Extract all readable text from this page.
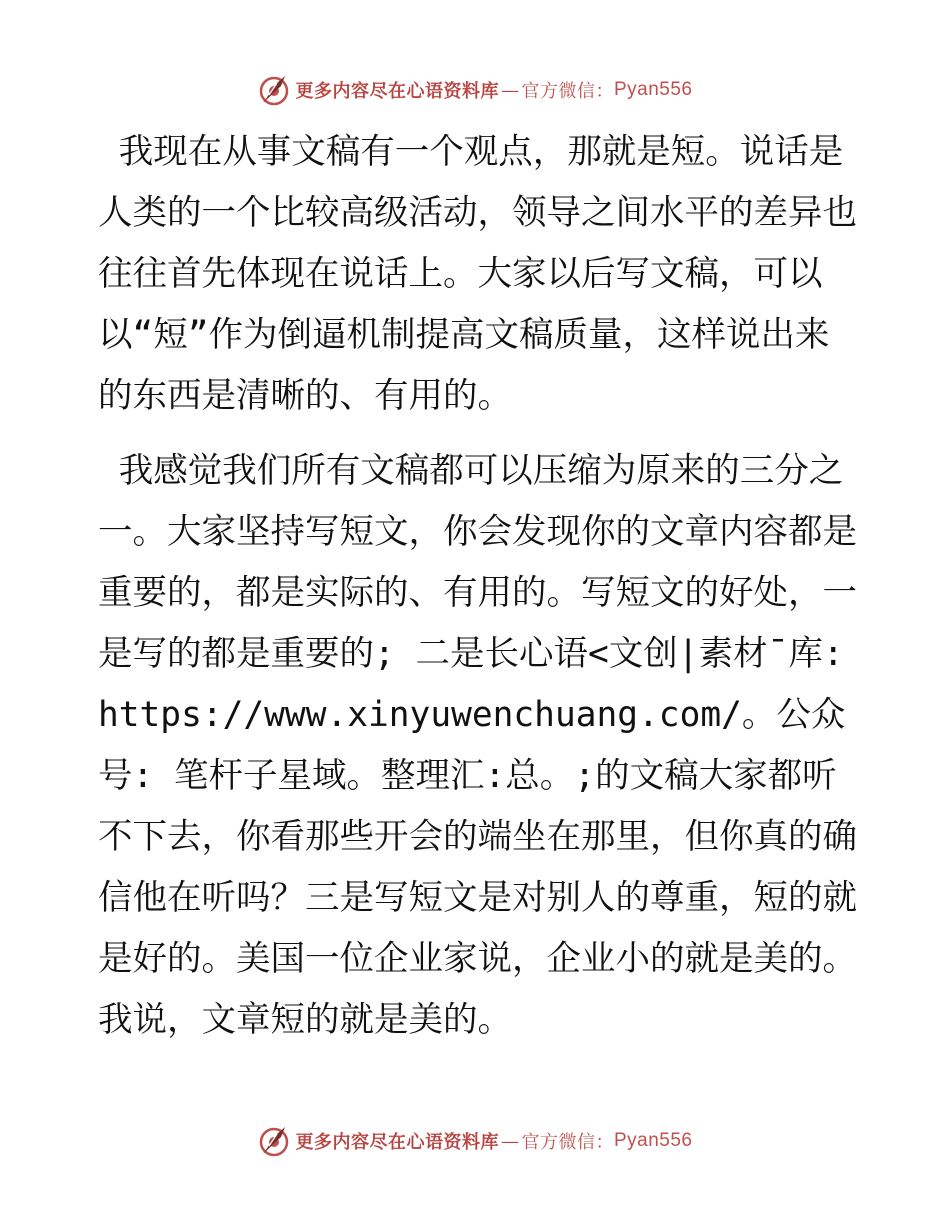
更多内容尽在心语资料库 — 官方微信 ： Pyan556

我现在从事文稿有一个观点，那就是短。说话是人类的一个比较高级活动，领导之间水平的差异也往往首先体现在说话上。大家以后写文稿，可以
以“短”作为倒逼机制提高文稿质量，这样说出来的东西是清晰的、有用的。

我感觉我们所有文稿都可以压缩为原来的三分之一。大家坚持写短文，你会发现你的文章内容都是重要的，都是实际的、有用的。写短文的好处，一是写的都是重要的; 二是长心语<文创|素材¯库:
https://www.xinyuwenchuang.com/。公众号: 笔杆子星域。整理汇:总。;的文稿大家都听不下去，你看那些开会的端坐在那里，但你真的确信他在听吗？三是写短文是对别人的尊重，短的就是好的。美国一位企业家说，企业小的就是美的。我说，文章短的就是美的。

更多内容尽在心语资料库 — 官方微信 ： Pyan556
